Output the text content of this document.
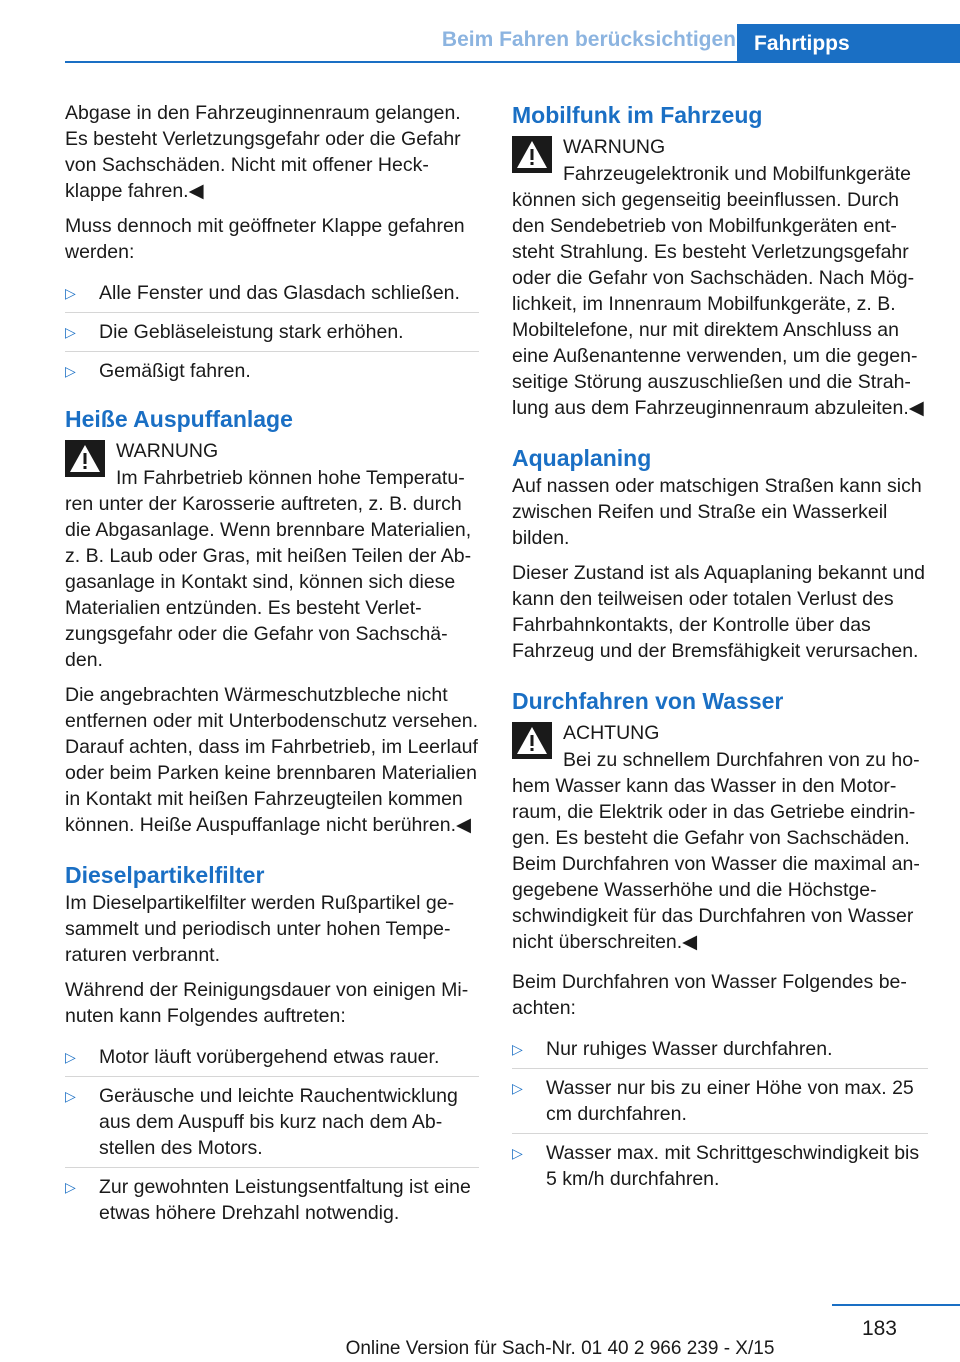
Beim Fahren berücksichtigen Fahrtipps

Abgase in den Fahrzeuginnenraum gelangen. Es besteht Verletzungsgefahr oder die Gefahr von Sachschäden. Nicht mit offener Heckklappe fahren.◀

Muss dennoch mit geöffneter Klappe gefahren werden:

▷ Alle Fenster und das Glasdach schließen.
▷ Die Gebläseleistung stark erhöhen.
▷ Gemäßigt fahren.
Heiße Auspuffanlage
WARNUNG

Im Fahrbetrieb können hohe Temperaturen unter der Karosserie auftreten, z. B. durch die Abgasanlage. Wenn brennbare Materialien, z. B. Laub oder Gras, mit heißen Teilen der Abgasanlage in Kontakt sind, können sich diese Materialien entzünden. Es besteht Verletzungsgefahr oder die Gefahr von Sachschäden.

Die angebrachten Wärmeschutzbleche nicht entfernen oder mit Unterbodenschutz versehen. Darauf achten, dass im Fahrbetrieb, im Leerlauf oder beim Parken keine brennbaren Materialien in Kontakt mit heißen Fahrzeugteilen kommen können. Heiße Auspuffanlage nicht berühren.◀

Dieselpartikelfilter

Im Dieselpartikelfilter werden Rußpartikel gesammelt und periodisch unter hohen Temperaturen verbrannt.

Während der Reinigungsdauer von einigen Minuten kann Folgendes auftreten:

▷ Motor läuft vorübergehend etwas rauer.
▷ Geräusche und leichte Rauchentwicklung aus dem Auspuff bis kurz nach dem Abstellen des Motors.
▷ Zur gewohnten Leistungsentfaltung ist eine etwas höhere Drehzahl notwendig.
Mobilfunk im Fahrzeug
WARNUNG

Fahrzeugelektronik und Mobilfunkgeräte können sich gegenseitig beeinflussen. Durch den Sendebetrieb von Mobilfunkgeräten entsteht Strahlung. Es besteht Verletzungsgefahr oder die Gefahr von Sachschäden. Nach Möglichkeit, im Innenraum Mobilfunkgeräte, z. B. Mobiltelefone, nur mit direktem Anschluss an eine Außenantenne verwenden, um die gegenseitige Störung auszuschließen und die Strahlung aus dem Fahrzeuginnenraum abzuleiten.◀

Aquaplaning

Auf nassen oder matschigen Straßen kann sich zwischen Reifen und Straße ein Wasserkeil bilden.

Dieser Zustand ist als Aquaplaning bekannt und kann den teilweisen oder totalen Verlust des Fahrbahnkontakts, der Kontrolle über das Fahrzeug und der Bremsfähigkeit verursachen.

Durchfahren von Wasser
ACHTUNG

Bei zu schnellem Durchfahren von zu hohem Wasser kann das Wasser in den Motorraum, die Elektrik oder in das Getriebe eindringen. Es besteht die Gefahr von Sachschäden. Beim Durchfahren von Wasser die maximal angegebene Wasserhöhe und die Höchstgeschwindigkeit für das Durchfahren von Wasser nicht überschreiten.◀

Beim Durchfahren von Wasser Folgendes beachten:

▷ Nur ruhiges Wasser durchfahren.
▷ Wasser nur bis zu einer Höhe von max. 25 cm durchfahren.
▷ Wasser max. mit Schrittgeschwindigkeit bis 5 km/h durchfahren.
183
Online Version für Sach-Nr. 01 40 2 966 239 - X/15
